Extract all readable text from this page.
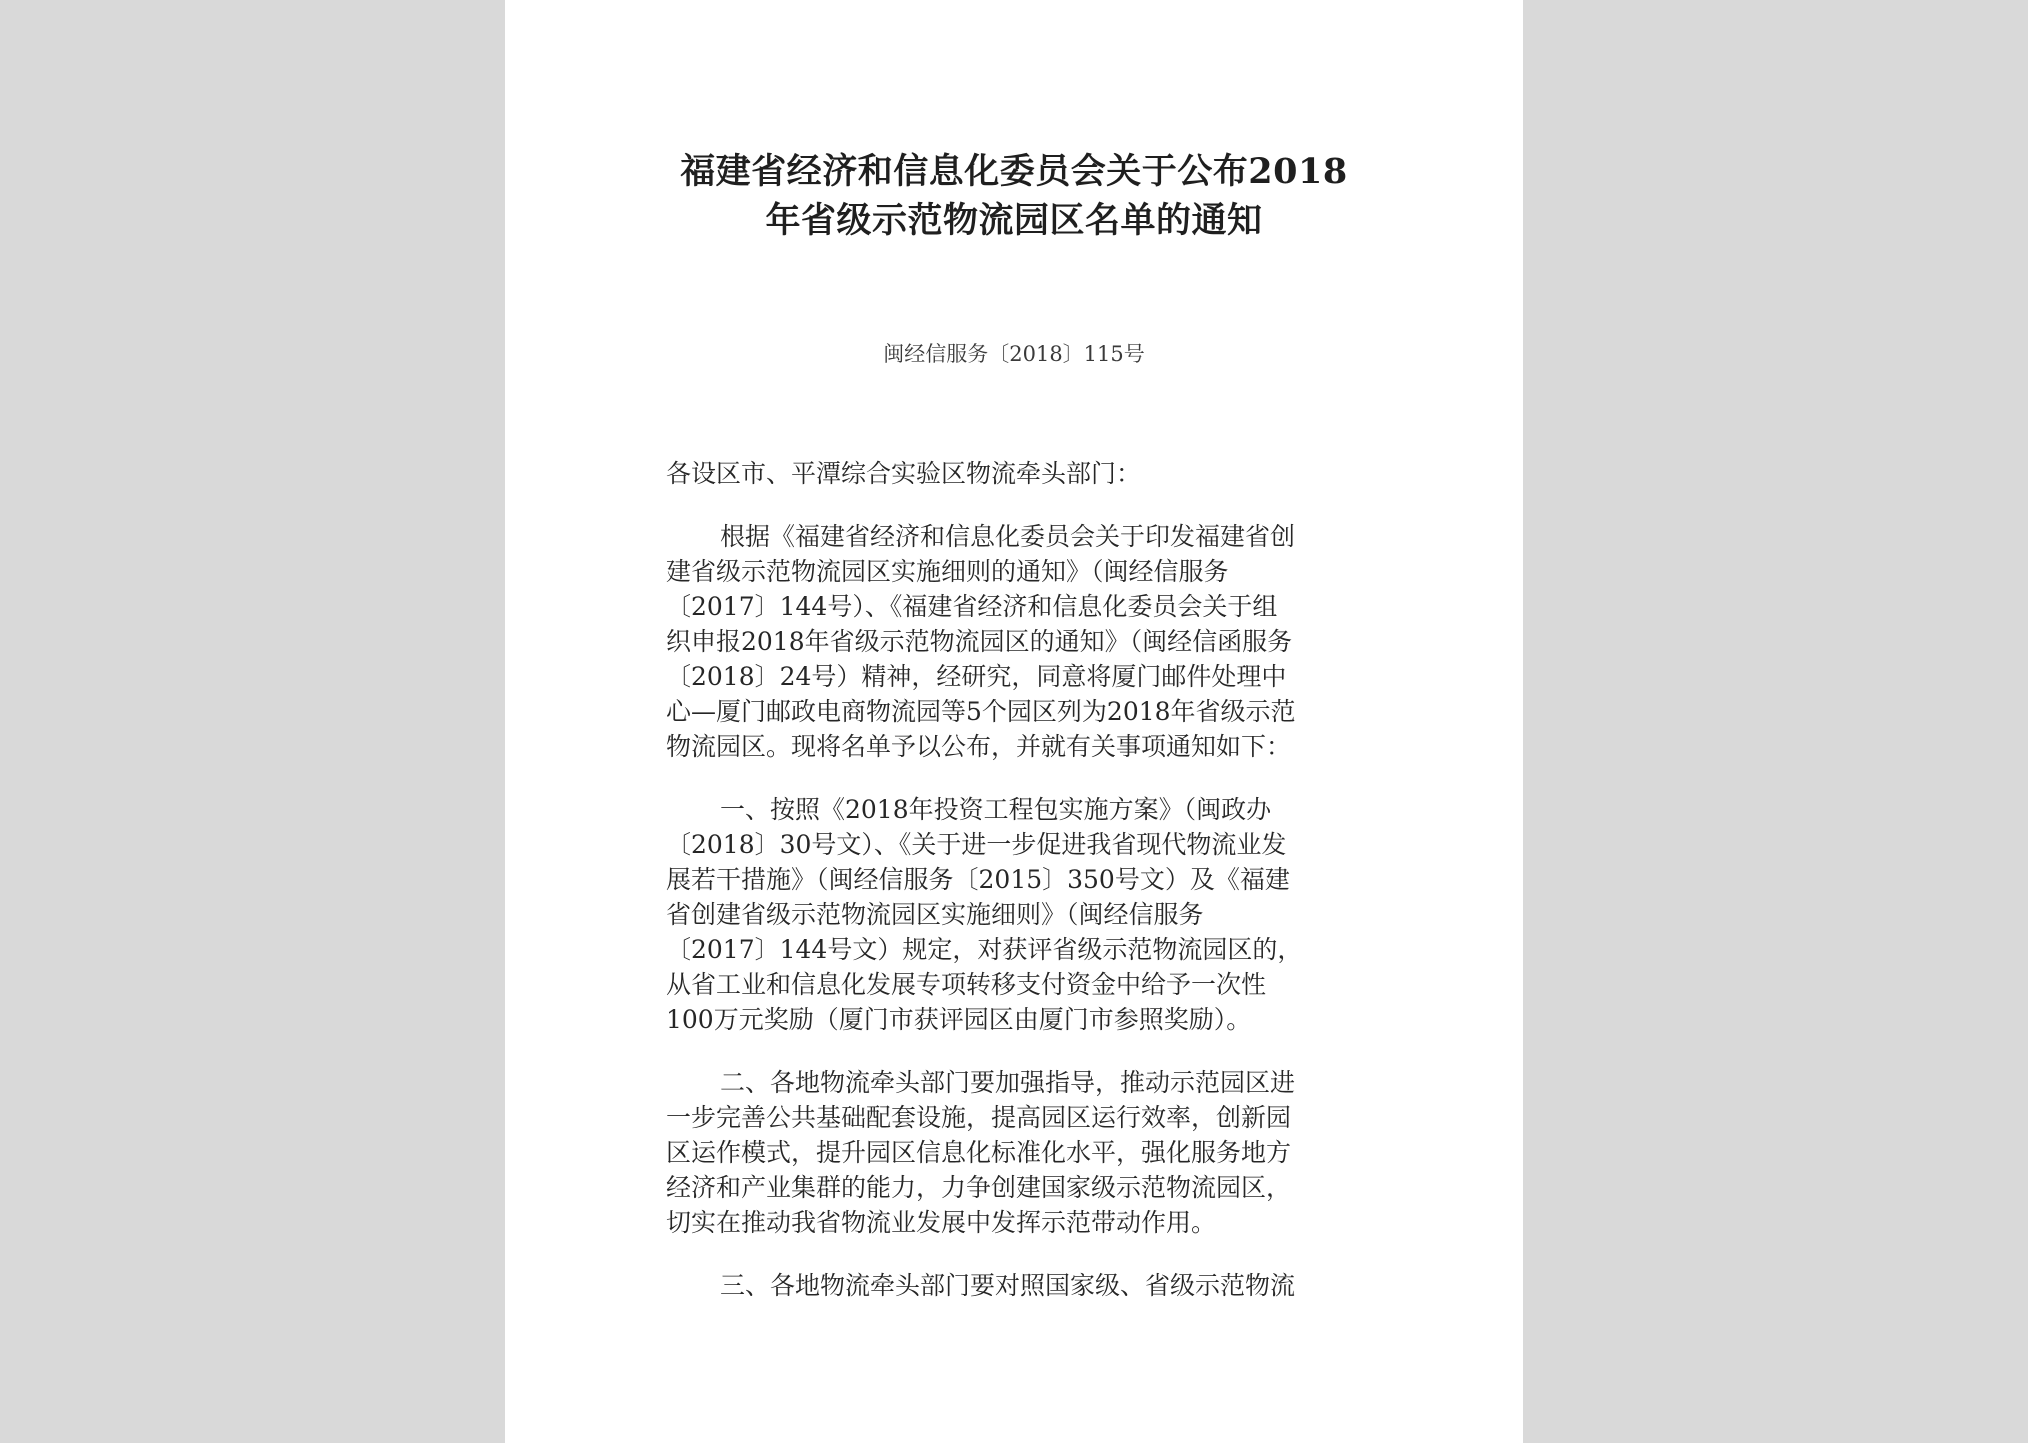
福建省经济和信息化委员会关于公布2018
年省级示范物流园区名单的通知
闽经信服务〔2018〕115号
各设区市、平潭综合实验区物流牵头部门：
根据《福建省经济和信息化委员会关于印发福建省创
建省级示范物流园区实施细则的通知》（闽经信服务
〔2017〕144号）、《福建省经济和信息化委员会关于组
织申报2018年省级示范物流园区的通知》（闽经信函服务
〔2018〕24号）精神，经研究，同意将厦门邮件处理中
心—厦门邮政电商物流园等5个园区列为2018年省级示范
物流园区。现将名单予以公布，并就有关事项通知如下：
一、按照《2018年投资工程包实施方案》（闽政办
〔2018〕30号文）、《关于进一步促进我省现代物流业发
展若干措施》（闽经信服务〔2015〕350号文）及《福建
省创建省级示范物流园区实施细则》（闽经信服务
〔2017〕144号文）规定，对获评省级示范物流园区的，
从省工业和信息化发展专项转移支付资金中给予一次性
100万元奖励（厦门市获评园区由厦门市参照奖励）。
二、各地物流牵头部门要加强指导，推动示范园区进
一步完善公共基础配套设施，提高园区运行效率，创新园
区运作模式，提升园区信息化标准化水平，强化服务地方
经济和产业集群的能力，力争创建国家级示范物流园区，
切实在推动我省物流业发展中发挥示范带动作用。
三、各地物流牵头部门要对照国家级、省级示范物流
